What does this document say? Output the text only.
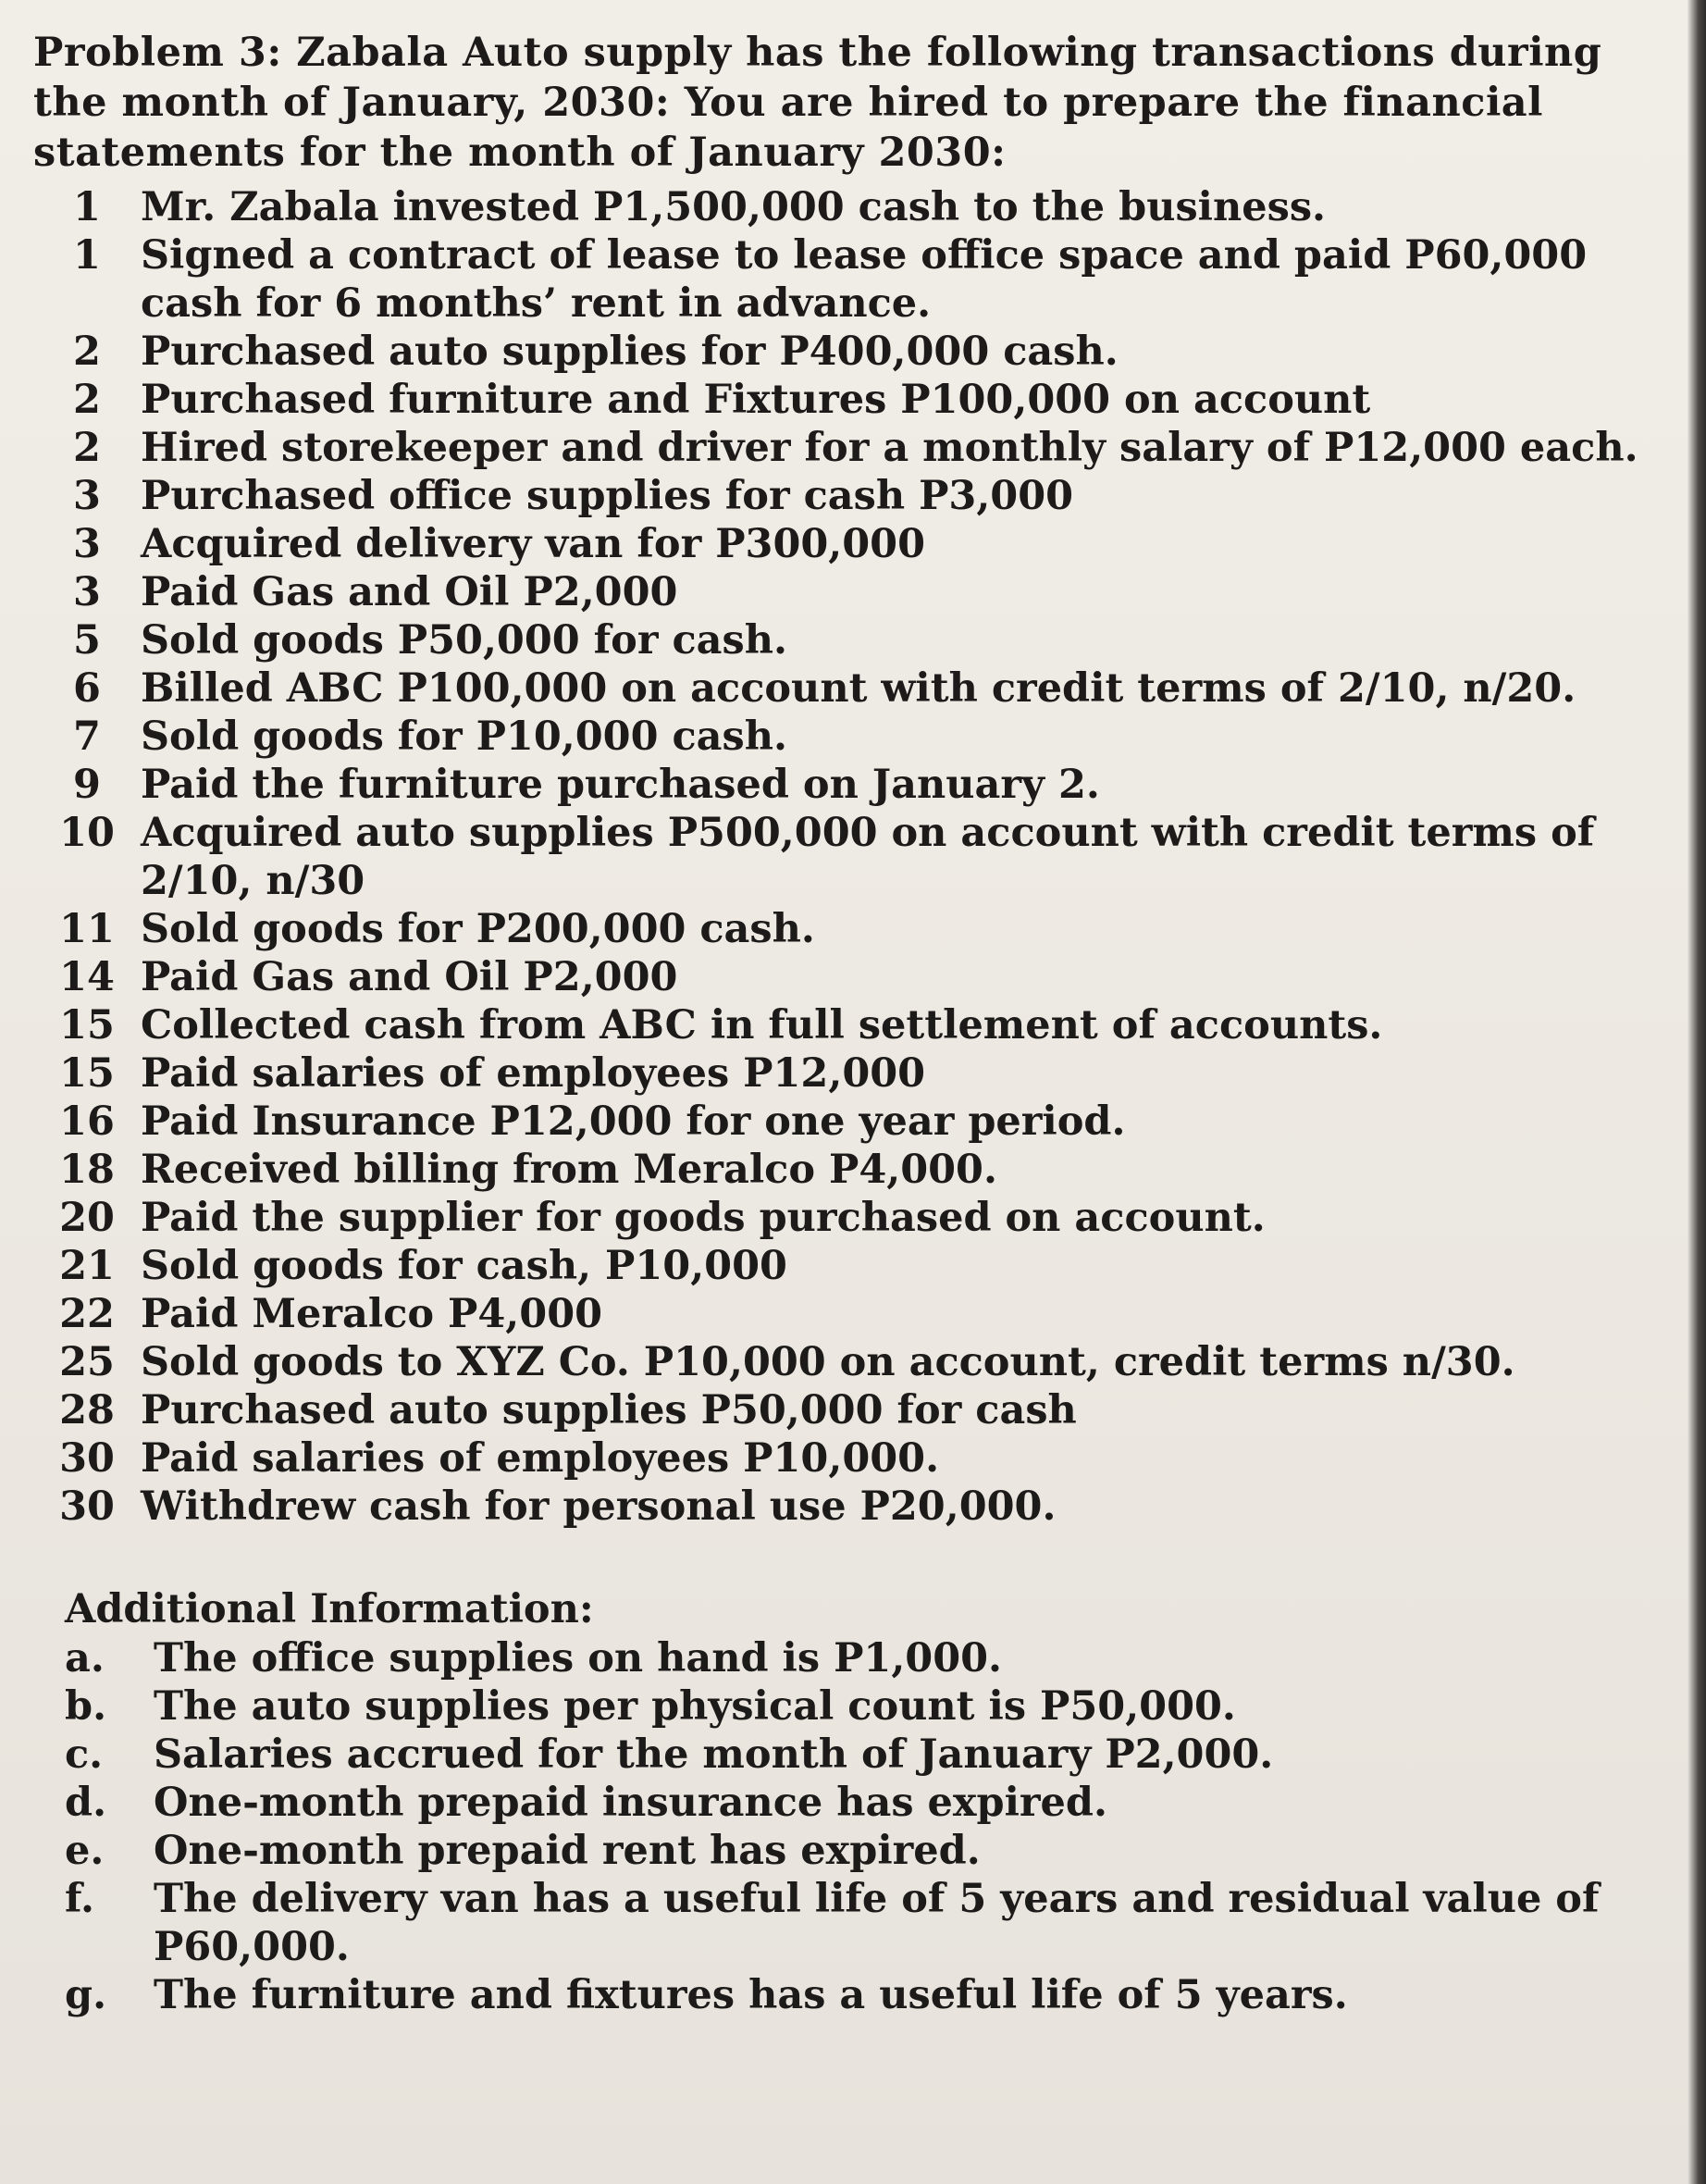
Problem 3: Zabala Auto supply has the following transactions during the month of January, 2030: You are hired to prepare the financial statements for the month of January 2030:

1	Mr. Zabala invested P1,500,000 cash to the business.
1	Signed a contract of lease to lease office space and paid P60,000 cash for 6 months’ rent in advance.
2	Purchased auto supplies for P400,000 cash.
2	Purchased furniture and Fixtures P100,000 on account
2	Hired storekeeper and driver for a monthly salary of P12,000 each.
3	Purchased office supplies for cash P3,000
3	Acquired delivery van for P300,000
3	Paid Gas and Oil P2,000
5	Sold goods P50,000 for cash.
6	Billed ABC P100,000 on account with credit terms of 2/10, n/20.
7	Sold goods for P10,000 cash.
9	Paid the furniture purchased on January 2.
10 Acquired auto supplies P500,000 on account with credit terms of 2/10, n/30
11 Sold goods for P200,000 cash.
14 Paid Gas and Oil P2,000
15 Collected cash from ABC in full settlement of accounts.
15 Paid salaries of employees P12,000
16 Paid Insurance P12,000 for one year period.
18 Received billing from Meralco P4,000.
20 Paid the supplier for goods purchased on account.
21 Sold goods for cash, P10,000
22 Paid Meralco P4,000
25 Sold goods to XYZ Co. P10,000 on account, credit terms n/30.
28 Purchased auto supplies P50,000 for cash
30 Paid salaries of employees P10,000.
30 Withdrew cash for personal use P20,000.
Additional Information:
a.	The office supplies on hand is P1,000.
b.	The auto supplies per physical count is P50,000.
c.	Salaries accrued for the month of January P2,000.
d.	One-month prepaid insurance has expired.
e.	One-month prepaid rent has expired.
f.	The delivery van has a useful life of 5 years and residual value of P60,000.
g.	The furniture and fixtures has a useful life of 5 years.
